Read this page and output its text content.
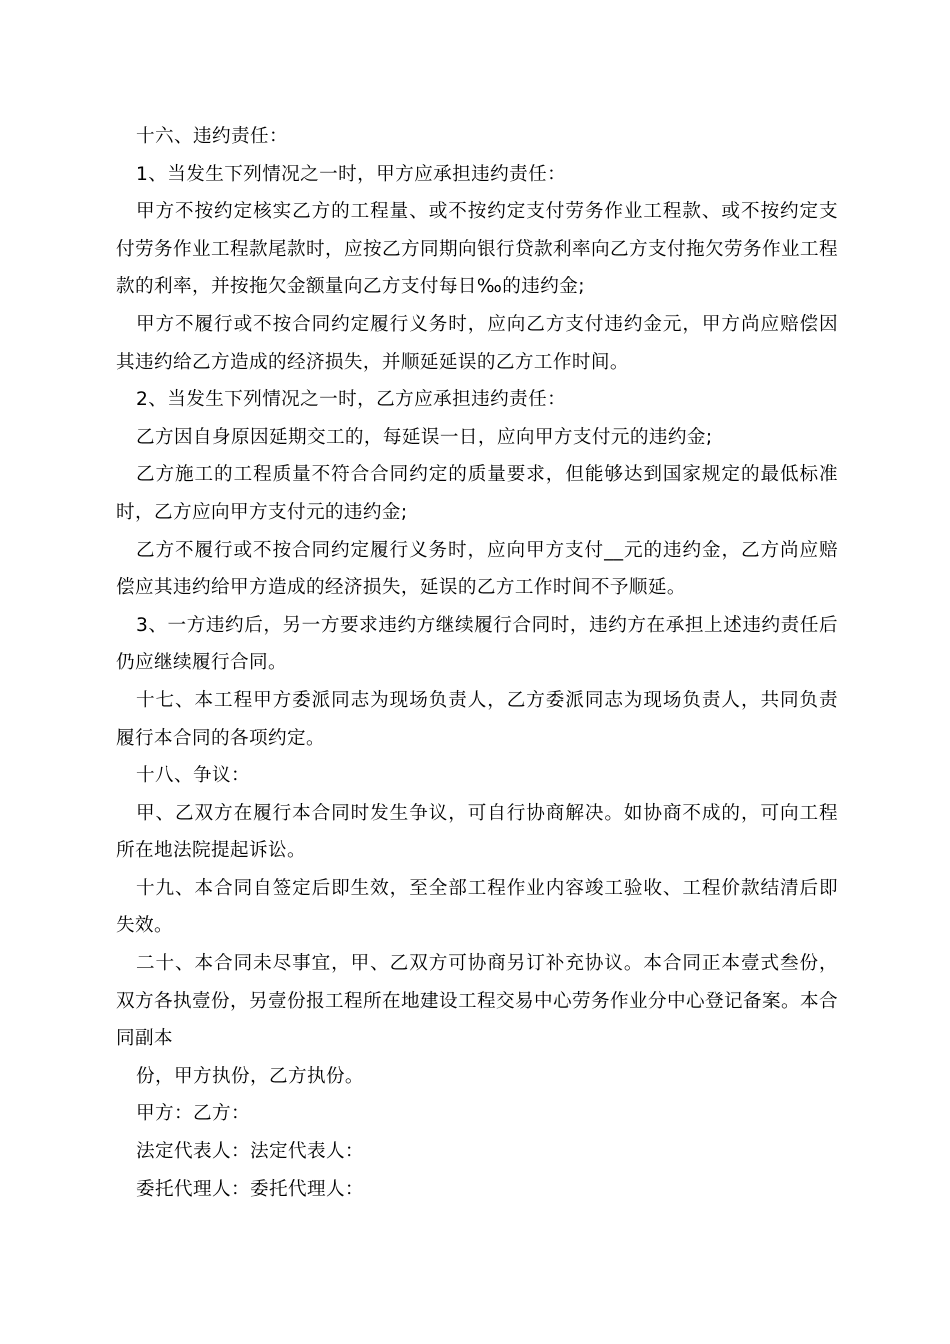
十六、违约责任：

1、当发生下列情况之一时，甲方应承担违约责任：

甲方不按约定核实乙方的工程量、或不按约定支付劳务作业工程款、或不按约定支付劳务作业工程款尾款时，应按乙方同期向银行贷款利率向乙方支付拖欠劳务作业工程款的利率，并按拖欠金额量向乙方支付每日‰的违约金;

甲方不履行或不按合同约定履行义务时，应向乙方支付违约金元，甲方尚应赔偿因其违约给乙方造成的经济损失，并顺延延误的乙方工作时间。

2、当发生下列情况之一时，乙方应承担违约责任：

乙方因自身原因延期交工的，每延误一日，应向甲方支付元的违约金;

乙方施工的工程质量不符合合同约定的质量要求，但能够达到国家规定的最低标准时，乙方应向甲方支付元的违约金;

乙方不履行或不按合同约定履行义务时，应向甲方支付__元的违约金，乙方尚应赔偿应其违约给甲方造成的经济损失，延误的乙方工作时间不予顺延。

3、一方违约后，另一方要求违约方继续履行合同时，违约方在承担上述违约责任后仍应继续履行合同。

十七、本工程甲方委派同志为现场负责人，乙方委派同志为现场负责人，共同负责履行本合同的各项约定。

十八、争议：

甲、乙双方在履行本合同时发生争议，可自行协商解决。如协商不成的，可向工程所在地法院提起诉讼。

十九、本合同自签定后即生效，至全部工程作业内容竣工验收、工程价款结清后即失效。

二十、本合同未尽事宜，甲、乙双方可协商另订补充协议。本合同正本壹式叁份，双方各执壹份，另壹份报工程所在地建设工程交易中心劳务作业分中心登记备案。本合同副本

份，甲方执份，乙方执份。

甲方：乙方：

法定代表人：法定代表人：

委托代理人：委托代理人：
